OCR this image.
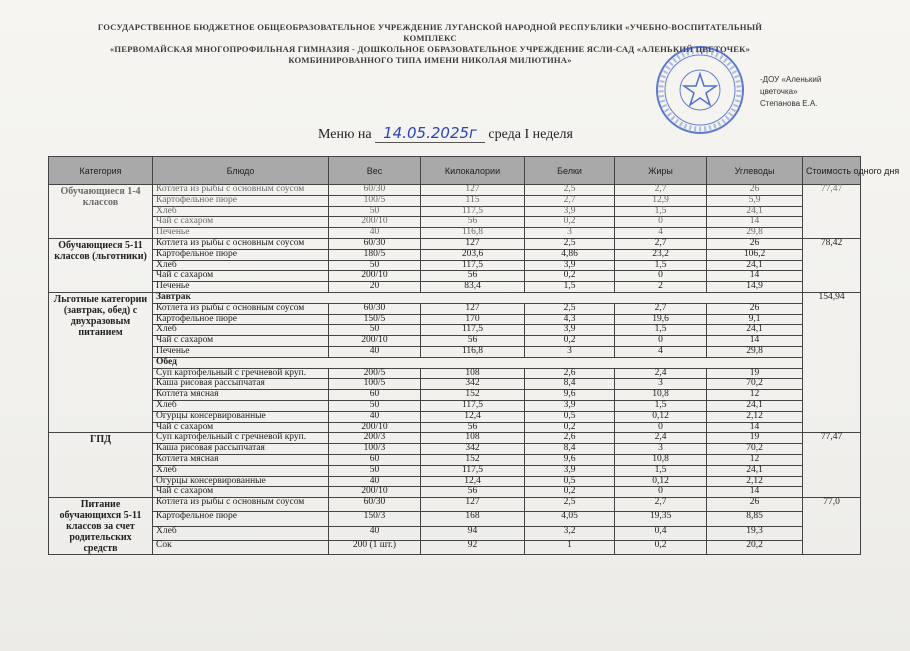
ГОСУДАРСТВЕННОЕ БЮДЖЕТНОЕ ОБЩЕОБРАЗОВАТЕЛЬНОЕ УЧРЕЖДЕНИЕ ЛУГАНСКОЙ НАРОДНОЙ РЕСПУБЛИКИ «УЧЕБНО-ВОСПИТАТЕЛЬНЫЙ КОМПЛЕКС
«ПЕРВОМАЙСКАЯ МНОГОПРОФИЛЬНАЯ ГИМНАЗИЯ - ДОШКОЛЬНОЕ ОБРАЗОВАТЕЛЬНОЕ УЧРЕЖДЕНИЕ ЯСЛИ-САД «АЛЕНЬКИЙ ЦВЕТОЧЕК»
КОМБИНИРОВАННОГО ТИПА ИМЕНИ НИКОЛАЯ МИЛЮТИНА»
-ДОУ «Аленький
цветочка»
Степанова Е.А.
Меню на 14.05.2025г среда I неделя
Категория	Блюдо	Вес	Килокалории	Белки	Жиры	Углеводы	Стоимость одного дня
Обучающиеся 1-4 классов	Котлета из рыбы с основным соусом	60/30	127	2,5	2,7	26	77,47
	Картофельное пюре	100/5	115	2,7	12,9	5,9	
	Хлеб	50	117,5	3,9	1,5	24,1	
	Чай с сахаром	200/10	56	0,2	0	14	
	Печенье	40	116,8	3	4	29,8	
Обучающиеся 5-11 классов (льготники)	Котлета из рыбы с основным соусом	60/30	127	2,5	2,7	26	78,42
	Картофельное пюре	180/5	203,6	4,86	23,2	106,2	
	Хлеб	50	117,5	3,9	1,5	24,1	
	Чай с сахаром	200/10	56	0,2	0	14	
	Печенье	20	83,4	1,5	2	14,9	
Льготные категории (завтрак, обед) с двухразовым питанием	Завтрак						154,94
	Котлета из рыбы с основным соусом	60/30	127	2,5	2,7	26	
	Картофельное пюре	150/5	170	4,3	19,6	9,1	
	Хлеб	50	117,5	3,9	1,5	24,1	
	Чай с сахаром	200/10	56	0,2	0	14	
	Печенье	40	116,8	3	4	29,8	
	Обед						
	Суп картофельный с гречневой круп.	200/5	108	2,6	2,4	19	
	Каша рисовая рассыпчатая	100/5	342	8,4	3	70,2	
	Котлета мясная	60	152	9,6	10,8	12	
	Хлеб	50	117,5	3,9	1,5	24,1	
	Огурцы консервированные	40	12,4	0,5	0,12	2,12	
	Чай с сахаром	200/10	56	0,2	0	14	
ГПД	Суп картофельный с гречневой круп.	200/3	108	2,6	2,4	19	77,47
	Каша рисовая рассыпчатая	100/3	342	8,4	3	70,2	
	Котлета мясная	60	152	9,6	10,8	12	
	Хлеб	50	117,5	3,9	1,5	24,1	
	Огурцы консервированные	40	12,4	0,5	0,12	2,12	
	Чай с сахаром	200/10	56	0,2	0	14	
Питание обучающихся 5-11 классов за счет родительских средств	Котлета из рыбы с основным соусом	60/30	127	2,5	2,7	26	77,0
	Картофельное пюре	150/3	168	4,05	19,35	8,85	
	Хлеб	40	94	3,2	0,4	19,3	
	Сок	200 (1 шт.)	92	1	0,2	20,2	
